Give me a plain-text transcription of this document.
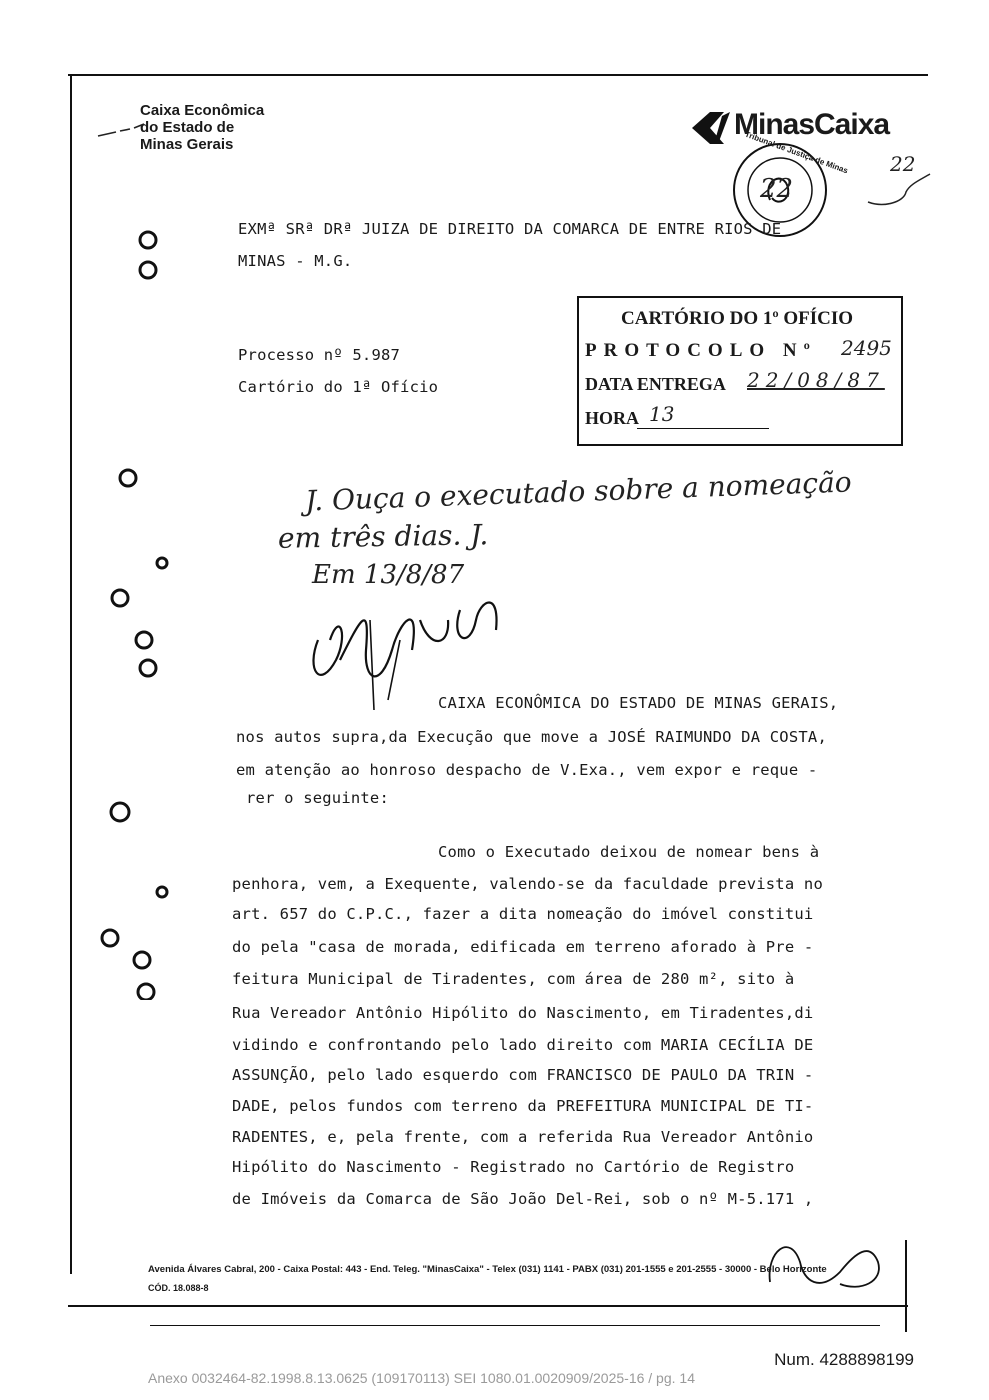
Caixa Econômica
do Estado de
Minas Gerais
MinasCaixa
Tribunal de Justiça de Minas
22
22
EXMª SRª DRª JUIZA DE DIREITO DA COMARCA DE ENTRE RIOS DE
MINAS - M.G.
Processo nº 5.987
Cartório do 1ª Ofício
CARTÓRIO DO 1º OFÍCIO
PROTOCOLO Nº 2495
DATA ENTREGA 22/08/87
HORA 13
J. Ouça o executado sobre a nomeação
em três dias. J.
Em 13/8/87
CAIXA ECONÔMICA DO ESTADO DE MINAS GERAIS,
nos autos supra,da Execução que move a JOSÉ RAIMUNDO DA COSTA,
em atenção ao honroso despacho de V.Exa., vem expor e reque -
rer o seguinte:
Como o Executado deixou de nomear bens à
penhora, vem, a Exequente, valendo-se da faculdade prevista no
art. 657 do C.P.C., fazer a dita nomeação do imóvel constitui
do pela "casa de morada, edificada em terreno aforado à Pre -
feitura Municipal de Tiradentes, com área de 280 m², sito à
Rua Vereador Antônio Hipólito do Nascimento, em Tiradentes,di
vidindo e confrontando pelo lado direito com MARIA CECÍLIA DE
ASSUNÇÃO, pelo lado esquerdo com FRANCISCO DE PAULO DA TRIN -
DADE, pelos fundos com terreno da PREFEITURA MUNICIPAL DE TI-
RADENTES, e, pela frente, com a referida Rua Vereador Antônio
Hipólito do Nascimento - Registrado no Cartório de Registro
de Imóveis da Comarca de São João Del-Rei, sob o nº M-5.171 ,
Avenida Álvares Cabral, 200 - Caixa Postal: 443 - End. Teleg. "MinasCaixa" - Telex (031) 1141 - PABX (031) 201-1555 e 201-2555 - 30000 - Belo Horizonte
CÓD. 18.088-8
Num. 4288898199
Anexo 0032464-82.1998.8.13.0625 (109170113) SEI 1080.01.0020909/2025-16 / pg. 14
